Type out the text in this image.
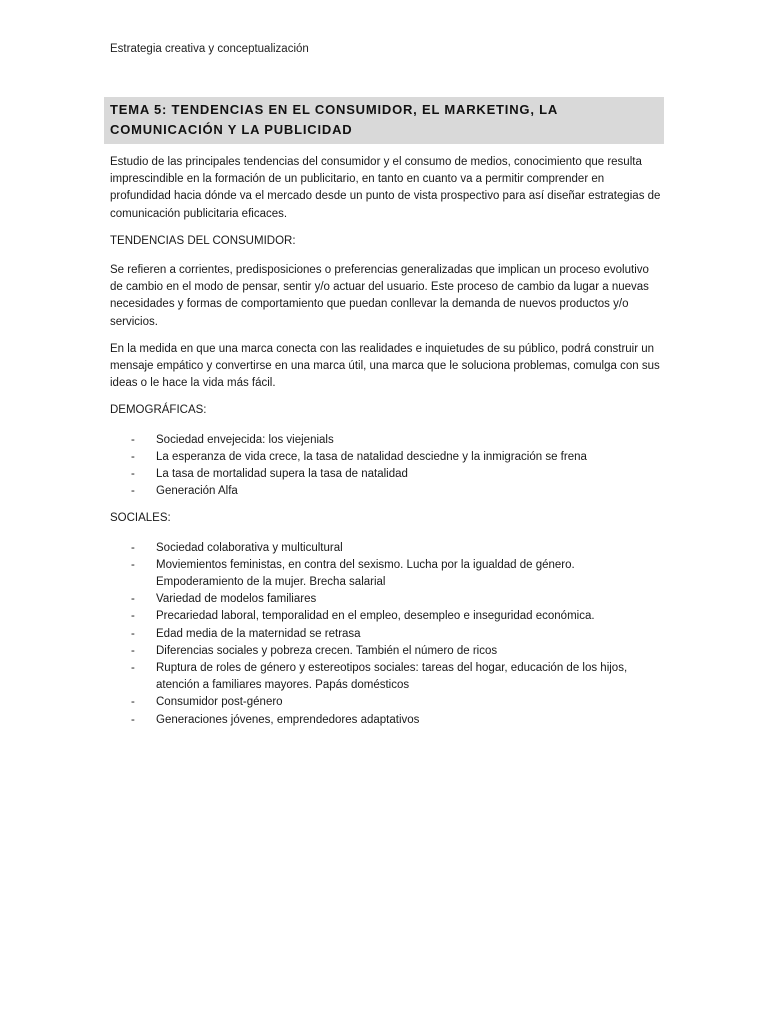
Estrategia creativa y conceptualización
TEMA 5: TENDENCIAS EN EL CONSUMIDOR, EL MARKETING, LA COMUNICACIÓN Y LA PUBLICIDAD

Estudio de las principales tendencias del consumidor y el consumo de medios, conocimiento que resulta imprescindible en la formación de un publicitario, en tanto en cuanto va a permitir comprender en profundidad hacia dónde va el mercado desde un punto de vista prospectivo para así diseñar estrategias de comunicación publicitaria eficaces.

TENDENCIAS DEL CONSUMIDOR:

Se refieren a corrientes, predisposiciones o preferencias generalizadas que implican un proceso evolutivo de cambio en el modo de pensar, sentir y/o actuar del usuario. Este proceso de cambio da lugar a nuevas necesidades y formas de comportamiento que puedan conllevar la demanda de nuevos productos y/o servicios.

En la medida en que una marca conecta con las realidades e inquietudes de su público, podrá construir un mensaje empático y convertirse en una marca útil, una marca que le soluciona problemas, comulga con sus ideas o le hace la vida más fácil.

DEMOGRÁFICAS:

- Sociedad envejecida: los viejenials
- La esperanza de vida crece, la tasa de natalidad desciedne y la inmigración se frena
- La tasa de mortalidad supera la tasa de natalidad
- Generación Alfa

SOCIALES:

- Sociedad colaborativa y multicultural
- Moviemientos feministas, en contra del sexismo. Lucha por la igualdad de género. Empoderamiento de la mujer. Brecha salarial
- Variedad de modelos familiares
- Precariedad laboral, temporalidad en el empleo, desempleo e inseguridad económica.
- Edad media de la maternidad se retrasa
- Diferencias sociales y pobreza crecen. También el número de ricos
- Ruptura de roles de género y estereotipos sociales: tareas del hogar, educación de los hijos, atención a familiares mayores. Papás domésticos
- Consumidor post-género
- Generaciones jóvenes, emprendedores adaptativos
